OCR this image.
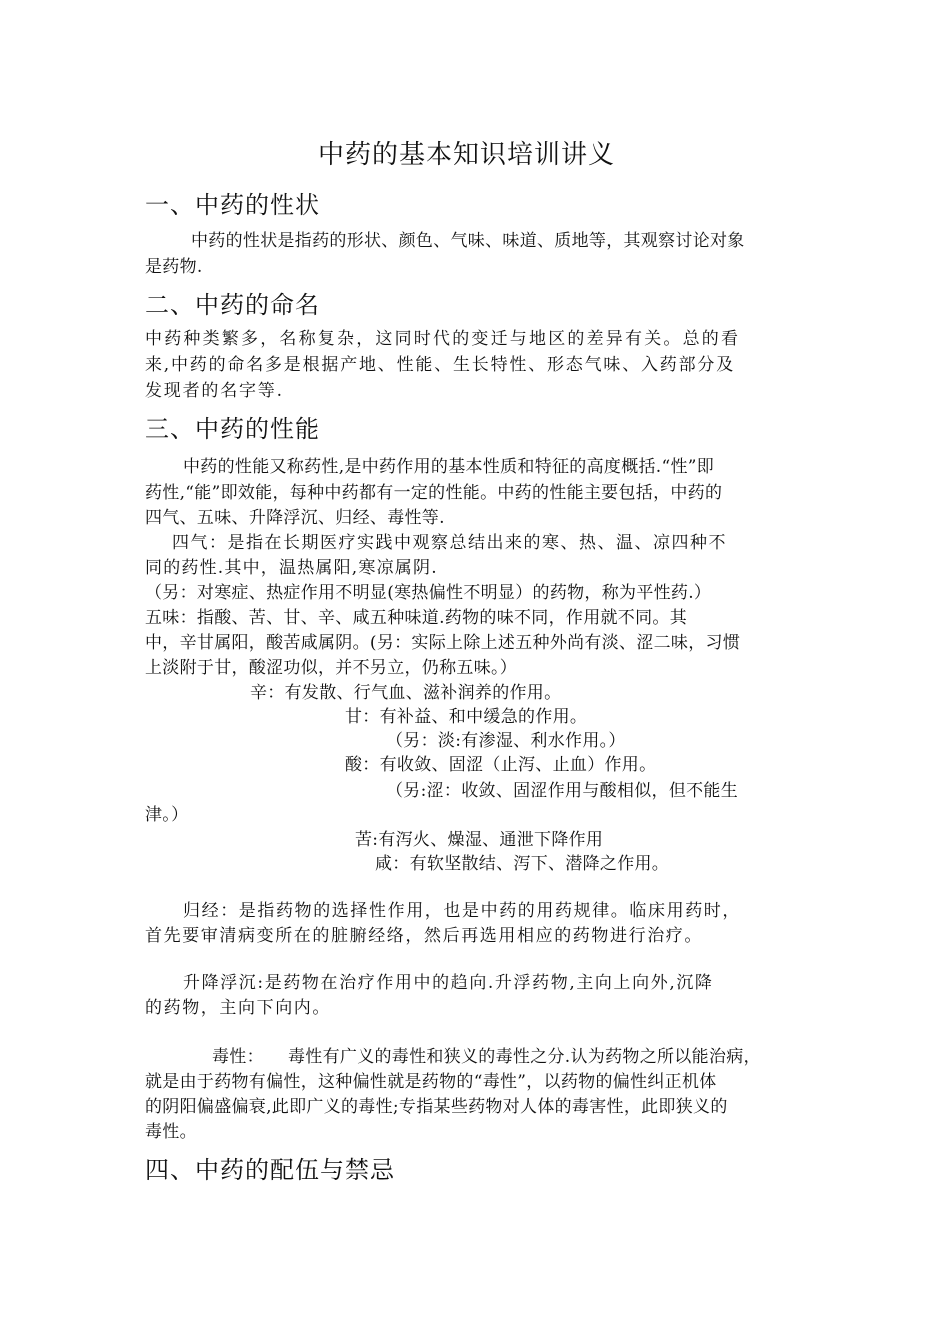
中药的基本知识培训讲义
一、中药的性状
中药的性状是指药的形状、颜色、气味、味道、质地等，其观察讨论对象
是药物.
二、中药的命名
中药种类繁多，名称复杂，这同时代的变迁与地区的差异有关。总的看
来,中药的命名多是根据产地、性能、生长特性、形态气味、入药部分及
发现者的名字等.
三、中药的性能
中药的性能又称药性,是中药作用的基本性质和特征的高度概括.“性”即
药性,“能”即效能，每种中药都有一定的性能。中药的性能主要包括，中药的
四气、五味、升降浮沉、归经、毒性等.
四气：是指在长期医疗实践中观察总结出来的寒、热、温、凉四种不
同的药性.其中，温热属阳,寒凉属阴.
（另：对寒症、热症作用不明显(寒热偏性不明显）的药物，称为平性药.）
五味：指酸、苦、甘、辛、咸五种味道.药物的味不同，作用就不同。其
中，辛甘属阳，酸苦咸属阴。(另：实际上除上述五种外尚有淡、涩二味，习惯
上淡附于甘，酸涩功似，并不另立，仍称五味。）
辛：有发散、行气血、滋补润养的作用。
甘：有补益、和中缓急的作用。
（另：淡:有渗湿、利水作用。）
酸：有收敛、固涩（止泻、止血）作用。
（另:涩：收敛、固涩作用与酸相似，但不能生
津。）
苦:有泻火、燥湿、通泄下降作用
咸：有软坚散结、泻下、潜降之作用。
归经：是指药物的选择性作用，也是中药的用药规律。临床用药时，
首先要审清病变所在的脏腑经络，然后再选用相应的药物进行治疗。
升降浮沉:是药物在治疗作用中的趋向.升浮药物,主向上向外,沉降
的药物，主向下向内。
毒性： 毒性有广义的毒性和狭义的毒性之分.认为药物之所以能治病，
就是由于药物有偏性，这种偏性就是药物的“毒性”，以药物的偏性纠正机体
的阴阳偏盛偏衰,此即广义的毒性;专指某些药物对人体的毒害性，此即狭义的
毒性。
四、中药的配伍与禁忌
